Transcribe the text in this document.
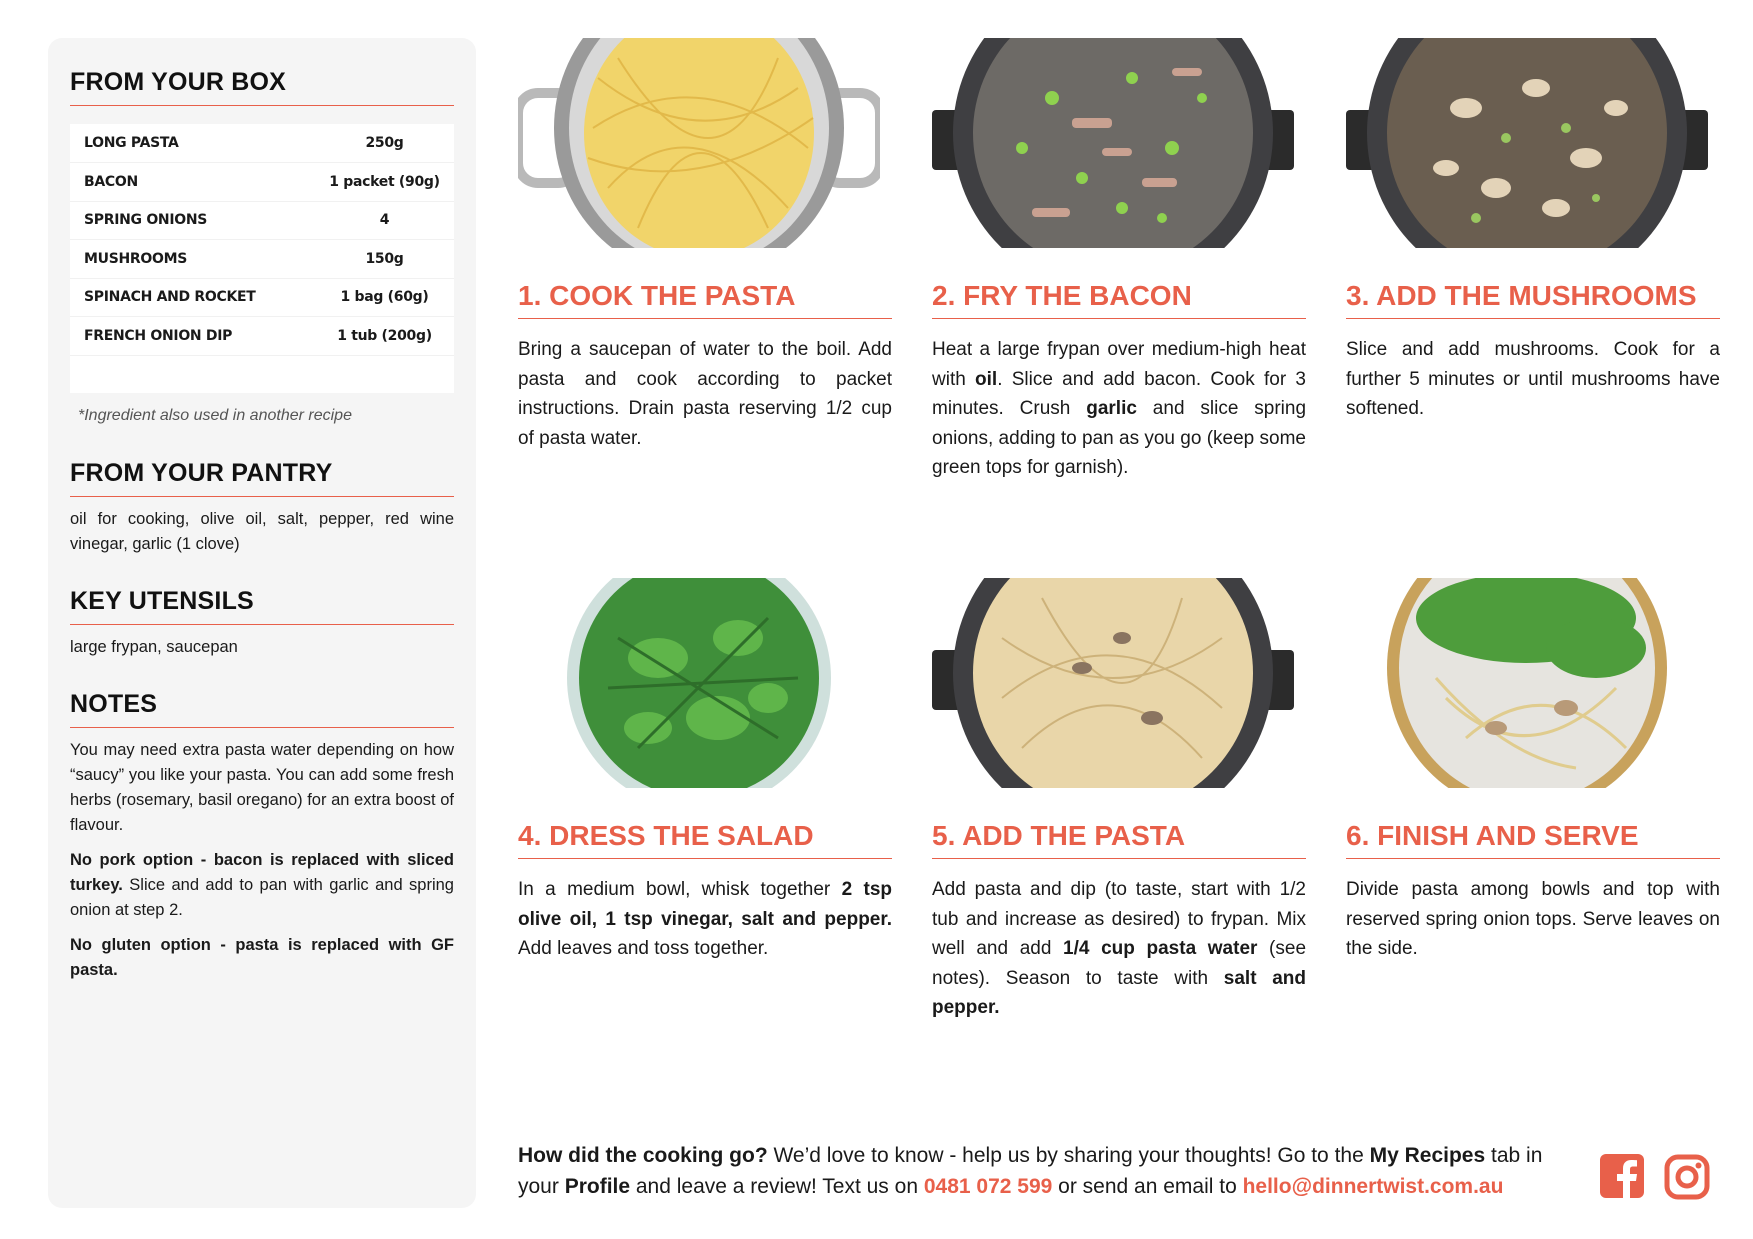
FROM YOUR BOX
LONG PASTA	250g
BACON	1 packet (90g)
SPRING ONIONS	4
MUSHROOMS	150g
SPINACH AND ROCKET	1 bag (60g)
FRENCH ONION DIP	1 tub (200g)

*Ingredient also used in another recipe
FROM YOUR PANTRY

oil for cooking, olive oil, salt, pepper, red wine vinegar, garlic (1 clove)

KEY UTENSILS

large frypan, saucepan

NOTES

You may need extra pasta water depending on how “saucy” you like your pasta. You can add some fresh herbs (rosemary, basil oregano) for an extra boost of flavour.

No pork option - bacon is replaced with sliced turkey. Slice and add to pan with garlic and spring onion at step 2.

No gluten option - pasta is replaced with GF pasta.

1. COOK THE PASTA

Bring a saucepan of water to the boil. Add pasta and cook according to packet instructions. Drain pasta reserving 1/2 cup of pasta water.

2. FRY THE BACON

Heat a large frypan over medium-high heat with oil. Slice and add bacon. Cook for 3 minutes. Crush garlic and slice spring onions, adding to pan as you go (keep some green tops for garnish).

3. ADD THE MUSHROOMS

Slice and add mushrooms. Cook for a further 5 minutes or until mushrooms have softened.

4. DRESS THE SALAD

In a medium bowl, whisk together 2 tsp olive oil, 1 tsp vinegar, salt and pepper. Add leaves and toss together.

5. ADD THE PASTA

Add pasta and dip (to taste, start with 1/2 tub and increase as desired) to frypan. Mix well and add 1/4 cup pasta water (see notes). Season to taste with salt and pepper.

6. FINISH AND SERVE

Divide pasta among bowls and top with reserved spring onion tops. Serve leaves on the side.

How did the cooking go? We’d love to know - help us by sharing your thoughts! Go to the My Recipes tab in your Profile and leave a review! Text us on 0481 072 599 or send an email to hello@dinnertwist.com.au
